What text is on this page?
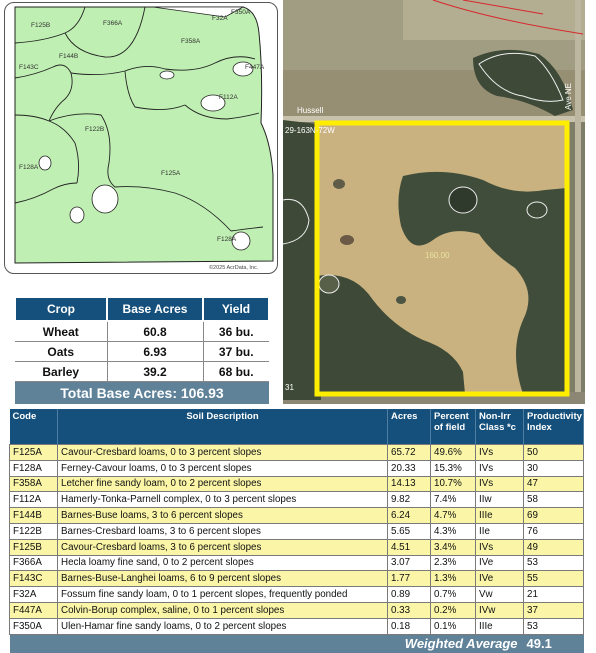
F125B	F366A
F32A
F350A
F358A
F144B
F143C	F447A
F112A
F122B
F128A
F125A
F128A
©2025 AcrData, Inc.
Hussell
29-163N-72W
Ave NE
160.00
31
Crop	Base Acres	Yield
Wheat	60.8	36 bu.
Oats	6.93	37 bu.
Barley	39.2	68 bu.
Total Base Acres: 106.93		
Code	Soil Description	Acres	Percent of field	Non-Irr Class *c	Productivity Index
F125A	Cavour-Cresbard loams, 0 to 3 percent slopes	65.72	49.6%	IVs	50
F128A	Ferney-Cavour loams, 0 to 3 percent slopes	20.33	15.3%	IVs	30
F358A	Letcher fine sandy loam, 0 to 2 percent slopes	14.13	10.7%	IVs	47
F112A	Hamerly-Tonka-Parnell complex, 0 to 3 percent slopes	9.82	7.4%	IIw	58
F144B	Barnes-Buse loams, 3 to 6 percent slopes	6.24	4.7%	IIIe	69
F122B	Barnes-Cresbard loams, 3 to 6 percent slopes	5.65	4.3%	IIe	76
F125B	Cavour-Cresbard loams, 3 to 6 percent slopes	4.51	3.4%	IVs	49
F366A	Hecla loamy fine sand, 0 to 2 percent slopes	3.07	2.3%	IVe	53
F143C	Barnes-Buse-Langhei loams, 6 to 9 percent slopes	1.77	1.3%	IVe	55
F32A	Fossum fine sandy loam, 0 to 1 percent slopes, frequently ponded	0.89	0.7%	Vw	21
F447A	Colvin-Borup complex, saline, 0 to 1 percent slopes	0.33	0.2%	IVw	37
F350A	Ulen-Hamar fine sandy loams, 0 to 2 percent slopes	0.18	0.1%	IIIe	53
Weighted Average					49.1
